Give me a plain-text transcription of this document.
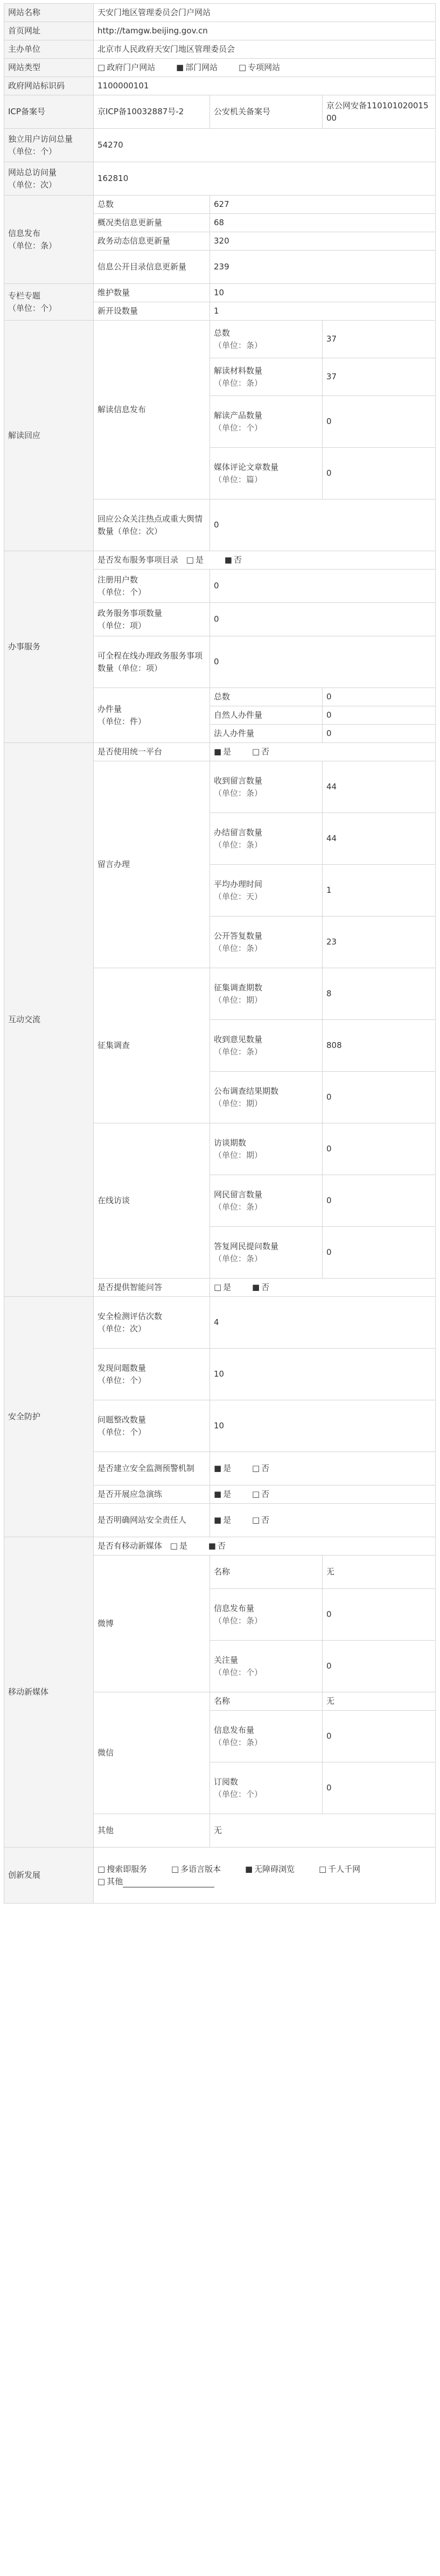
网站名称	天安门地区管理委员会门户网站		
首页网址	http://tamgw.beijing.gov.cn		
主办单位	北京市人民政府天安门地区管理委员会		
网站类型	□ 政府门户网站 ■ 部门网站 □ 专项网站		
政府网站标识码	1100000101		
ICP备案号	京ICP备10032887号-2	公安机关备案号	京公网安备11010102001500

独立用户访问总量
（单位：个）	54270		

网站总访问量
（单位：次）	162810		

信息发布
（单位：条）	总数	627	
	概况类信息更新量	68	
	政务动态信息更新量	320	
	信息公开目录信息更新量	239	

专栏专题
（单位：个）	维护数量	10	
	新开设数量	1	
解读回应	解读信息发布	总数
（单位：条）	37

		解读材料数量
（单位：条）	37

		解读产品数量
（单位：个）	0

		媒体评论文章数量
（单位：篇）	0
	回应公众关注热点或重大舆情数量（单位：次）	0	
办事服务	是否发布服务事项目录 □ 是 ■ 否		

	注册用户数
（单位：个）	0	

	政务服务事项数量
（单位：项）	0	
	可全程在线办理政务服务事项数量（单位：项）	0	

	办件量
（单位：件）	总数	0
		自然人办件量	0
		法人办件量	0
互动交流	是否使用统一平台	■ 是 □ 否	
	留言办理	收到留言数量
（单位：条）	44

		办结留言数量
（单位：条）	44

		平均办理时间
（单位：天）	1

		公开答复数量
（单位：条）	23
	征集调查	征集调查期数
（单位：期）	8

		收到意见数量
（单位：条）	808

		公布调查结果期数
（单位：期）	0
	在线访谈	访谈期数
（单位：期）	0

		网民留言数量
（单位：条）	0

		答复网民提问数量
（单位：条）	0
	是否提供智能问答	□ 是 ■ 否	
安全防护	安全检测评估次数
（单位：次）	4	

	发现问题数量
（单位：个）	10	

	问题整改数量
（单位：个）	10	
	是否建立安全监测预警机制	■ 是 □ 否	
	是否开展应急演练	■ 是 □ 否	
	是否明确网站安全责任人	■ 是 □ 否	
移动新媒体	是否有移动新媒体 □ 是 ■ 否		
	微博	名称	无

		信息发布量
（单位：条）	0

		关注量
（单位：个）	0
	微信	名称	无

		信息发布量
（单位：条）	0

		订阅数
（单位：个）	0
	其他	无	
创新发展	□ 搜索即服务 □ 多语言版本 ■ 无障碍浏览 □ 千人千网
□ 其他		
